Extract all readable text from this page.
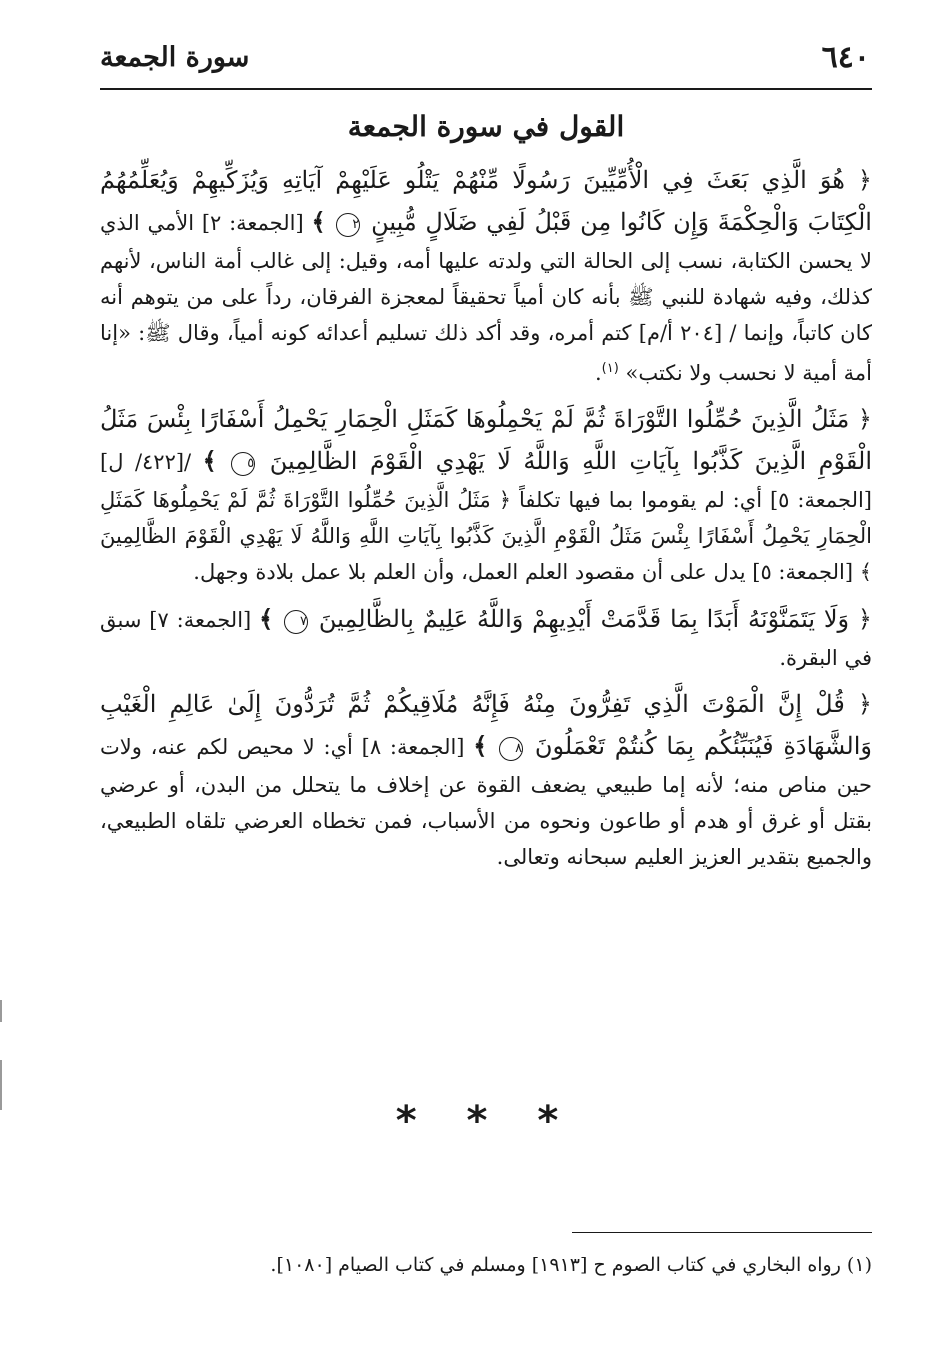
٦٤٠
سورة الجمعة
القول في سورة الجمعة

﴿ هُوَ الَّذِي بَعَثَ فِي الْأُمِّيِّينَ رَسُولًا مِّنْهُمْ يَتْلُو عَلَيْهِمْ آيَاتِهِ وَيُزَكِّيهِمْ وَيُعَلِّمُهُمُ الْكِتَابَ وَالْحِكْمَةَ وَإِن كَانُوا مِن قَبْلُ لَفِي ضَلَالٍ مُّبِينٍ ٢ ﴾ [الجمعة: ٢] الأمي الذي لا يحسن الكتابة، نسب إلى الحالة التي ولدته عليها أمه، وقيل: إلى غالب أمة الناس، لأنهم كذلك، وفيه شهادة للنبي ﷺ بأنه كان أمياً تحقيقاً لمعجزة الفرقان، رداً على من يتوهم أنه كان كاتباً، وإنما / [٢٠٤ أ/م] كتم أمره، وقد أكد ذلك تسليم أعدائه كونه أمياً، وقال ﷺ: «إنا أمة أمية لا نحسب ولا نكتب» $^{(١)}$.

﴿ مَثَلُ الَّذِينَ حُمِّلُوا التَّوْرَاةَ ثُمَّ لَمْ يَحْمِلُوهَا كَمَثَلِ الْحِمَارِ يَحْمِلُ أَسْفَارًا بِئْسَ مَثَلُ الْقَوْمِ الَّذِينَ كَذَّبُوا بِآيَاتِ اللَّهِ وَاللَّهُ لَا يَهْدِي الْقَوْمَ الظَّالِمِينَ ٥ ﴾ /[٤٢٢/ ل] [الجمعة: ٥] أي: لم يقوموا بما فيها تكلفاً ﴿ مَثَلُ الَّذِينَ حُمِّلُوا التَّوْرَاةَ ثُمَّ لَمْ يَحْمِلُوهَا كَمَثَلِ الْحِمَارِ يَحْمِلُ أَسْفَارًا بِئْسَ مَثَلُ الْقَوْمِ الَّذِينَ كَذَّبُوا بِآيَاتِ اللَّهِ وَاللَّهُ لَا يَهْدِي الْقَوْمَ الظَّالِمِينَ ﴾ [الجمعة: ٥] يدل على أن مقصود العلم العمل، وأن العلم بلا عمل بلادة وجهل.

﴿ وَلَا يَتَمَنَّوْنَهُ أَبَدًا بِمَا قَدَّمَتْ أَيْدِيهِمْ وَاللَّهُ عَلِيمٌ بِالظَّالِمِينَ ٧ ﴾ [الجمعة: ٧] سبق في البقرة.

﴿ قُلْ إِنَّ الْمَوْتَ الَّذِي تَفِرُّونَ مِنْهُ فَإِنَّهُ مُلَاقِيكُمْ ثُمَّ تُرَدُّونَ إِلَىٰ عَالِمِ الْغَيْبِ وَالشَّهَادَةِ فَيُنَبِّئُكُم بِمَا كُنتُمْ تَعْمَلُونَ ٨ ﴾ [الجمعة: ٨] أي: لا محيص لكم عنه، ولات حين مناص منه؛ لأنه إما طبيعي يضعف القوة عن إخلاف ما يتحلل من البدن، أو عرضي بقتل أو غرق أو هدم أو طاعون ونحوه من الأسباب، فمن تخطاه العرضي تلقاه الطبيعي، والجميع بتقدير العزيز العليم سبحانه وتعالى.

* * *
(١) رواه البخاري في كتاب الصوم ح [١٩١٣] ومسلم في كتاب الصيام [١٠٨٠].
